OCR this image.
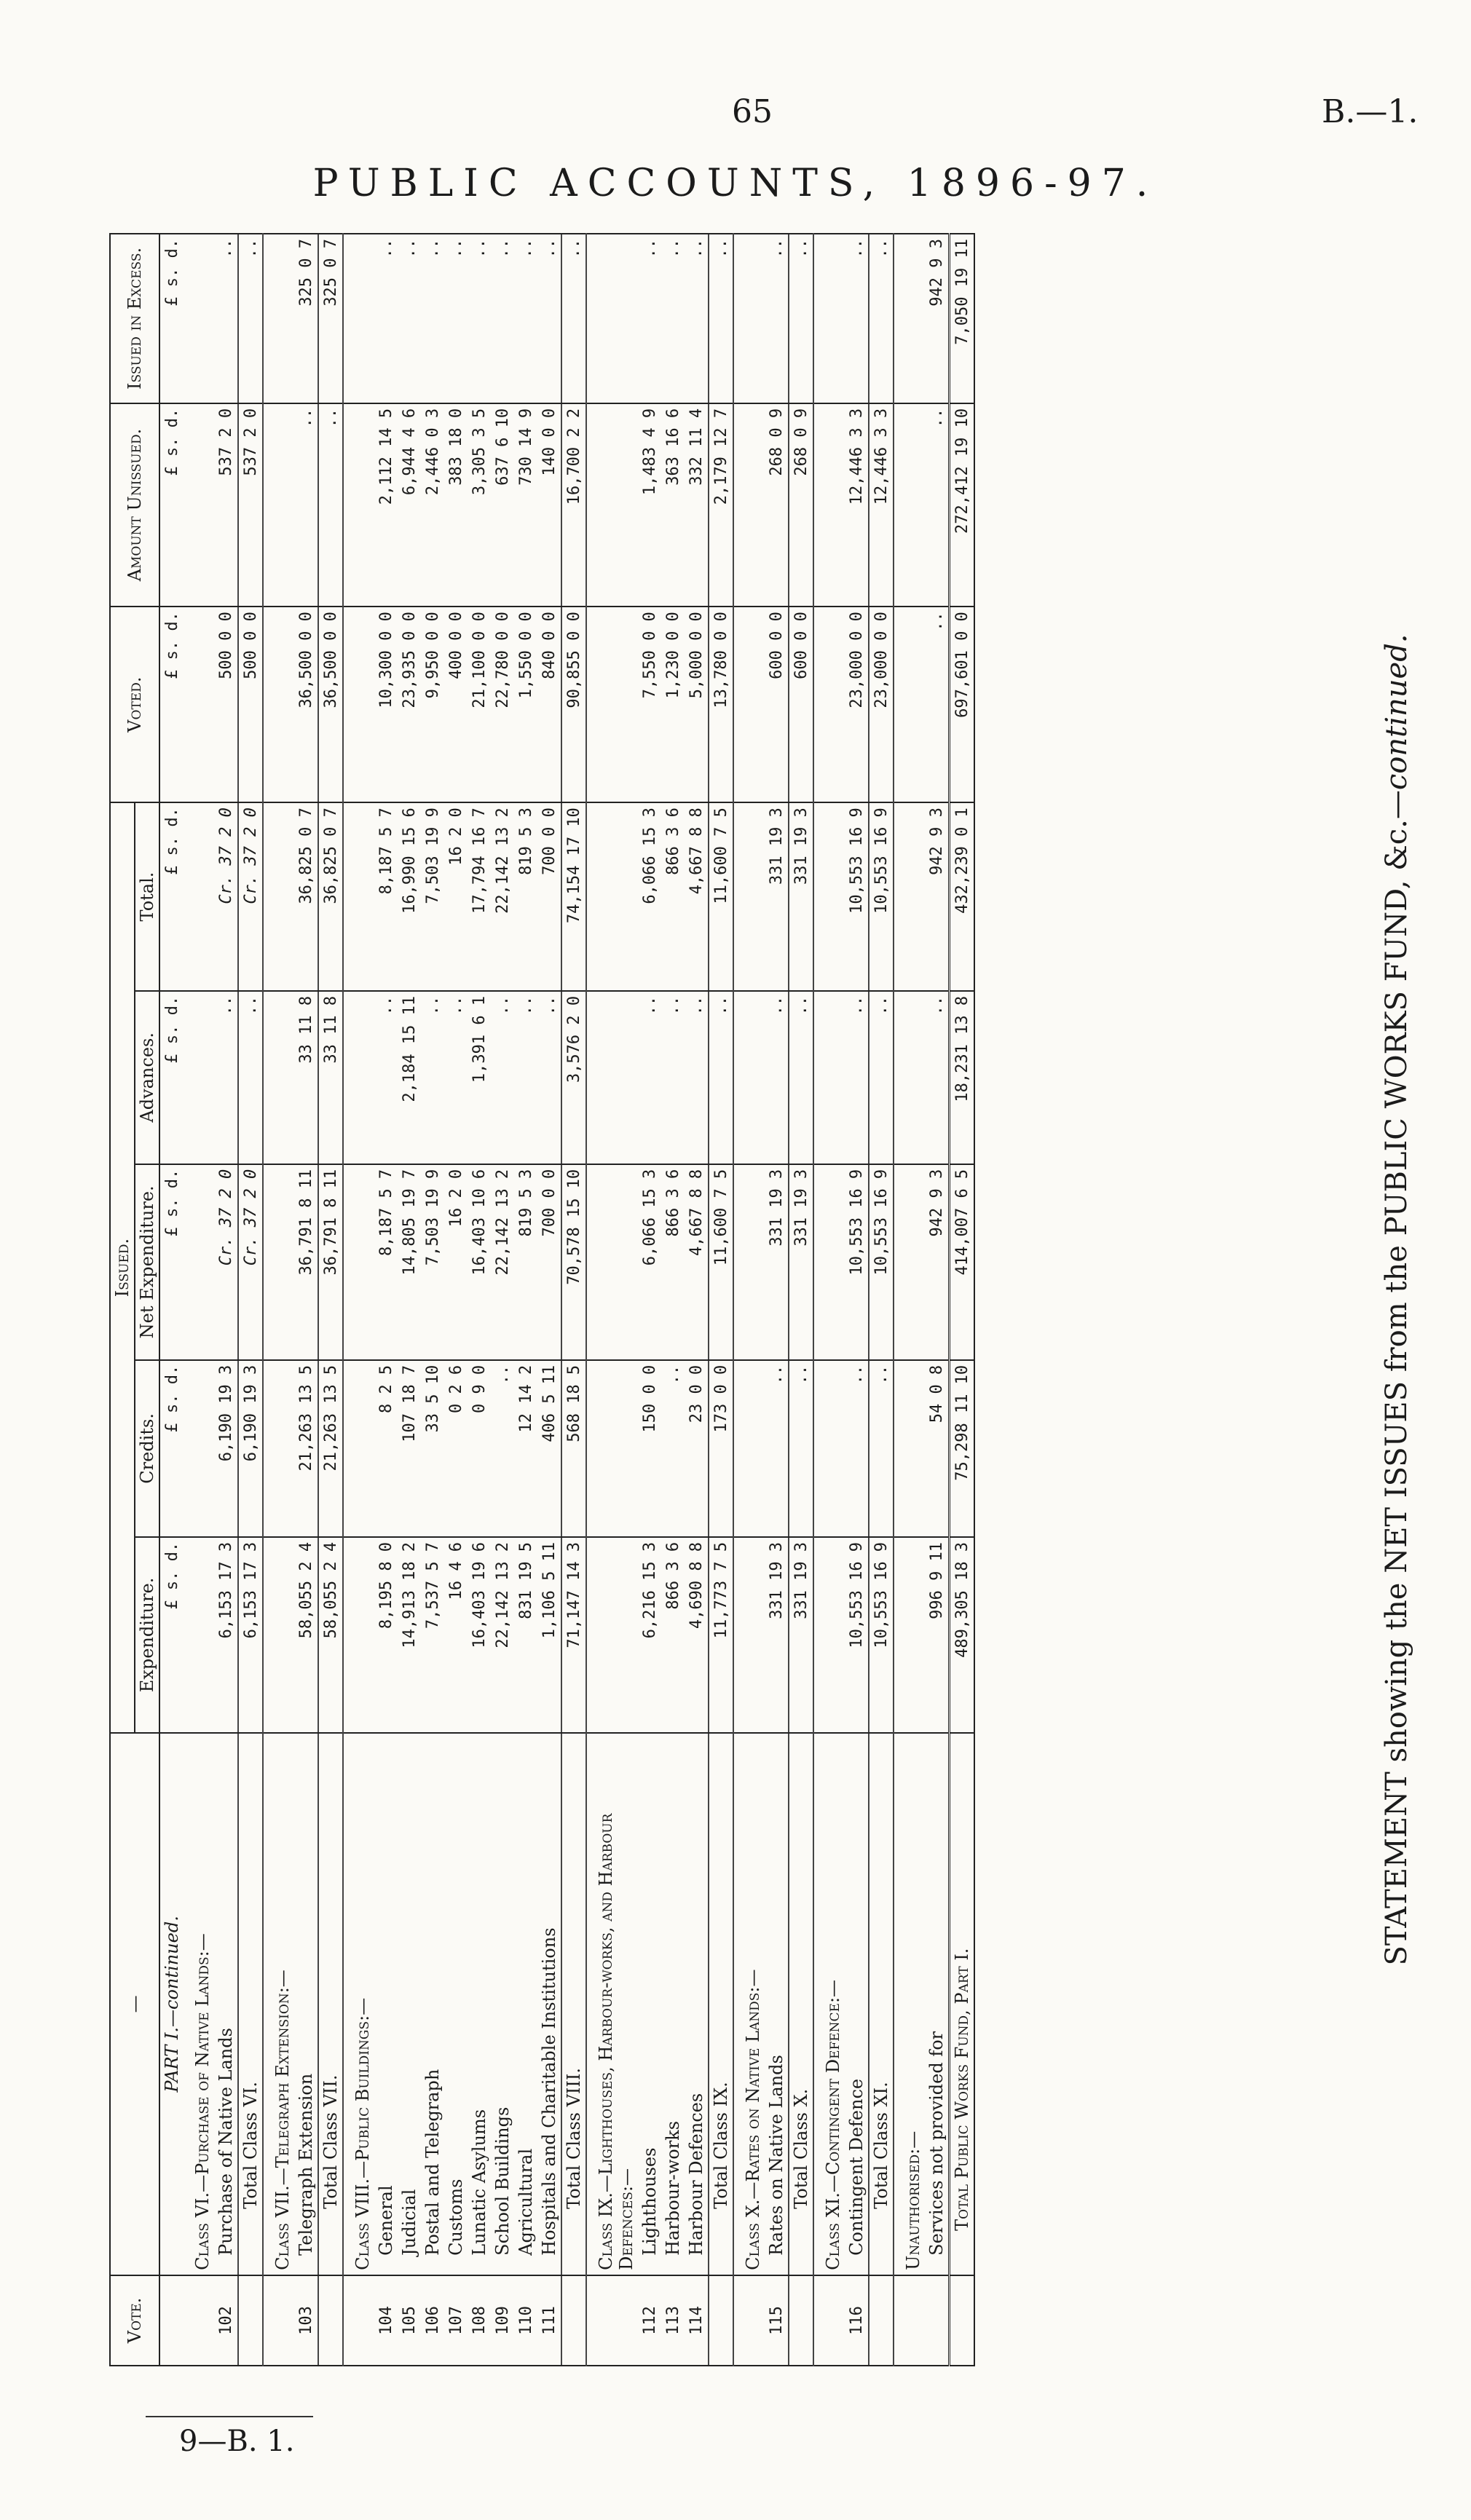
65	B.—1.
PUBLIC ACCOUNTS, 1896-97.
Vote.	—	Issued.					Voted.	Amount Unissued.	Issued in Excess.
		Expenditure.	Credits.	Net Expenditure.	Advances.	Total.			
	PART I.—continued.	£ s. d.	£ s. d.	£ s. d.	£ s. d.	£ s. d.	£ s. d.	£ s. d.	£ s. d.
	Class VI.—Purchase of Native Lands:—								
102	Purchase of Native Lands	6,153 17 3	6,190 19 3	Cr. 37 2 0	..	Cr. 37 2 0	500 0 0	537 2 0	..
	Total Class VI.	6,153 17 3	6,190 19 3	Cr. 37 2 0	..	Cr. 37 2 0	500 0 0	537 2 0	..
	Class VII.—Telegraph Extension:—								
103	Telegraph Extension	58,055 2 4	21,263 13 5	36,791 8 11	33 11 8	36,825 0 7	36,500 0 0	..	325 0 7
	Total Class VII.	58,055 2 4	21,263 13 5	36,791 8 11	33 11 8	36,825 0 7	36,500 0 0	..	325 0 7
	Class VIII.—Public Buildings:—								
104	General	8,195 8 0	8 2 5	8,187 5 7	..	8,187 5 7	10,300 0 0	2,112 14 5	..
105	Judicial	14,913 18 2	107 18 7	14,805 19 7	2,184 15 11	16,990 15 6	23,935 0 0	6,944 4 6	..
106	Postal and Telegraph	7,537 5 7	33 5 10	7,503 19 9	..	7,503 19 9	9,950 0 0	2,446 0 3	..
107	Customs	16 4 6	0 2 6	16 2 0	..	16 2 0	400 0 0	383 18 0	..
108	Lunatic Asylums	16,403 19 6	0 9 0	16,403 10 6	1,391 6 1	17,794 16 7	21,100 0 0	3,305 3 5	..
109	School Buildings	22,142 13 2	..	22,142 13 2	..	22,142 13 2	22,780 0 0	637 6 10	..
110	Agricultural	831 19 5	12 14 2	819 5 3	..	819 5 3	1,550 0 0	730 14 9	..
111	Hospitals and Charitable Institutions	1,106 5 11	406 5 11	700 0 0	..	700 0 0	840 0 0	140 0 0	..
	Total Class VIII.	71,147 14 3	568 18 5	70,578 15 10	3,576 2 0	74,154 17 10	90,855 0 0	16,700 2 2	..
	Class IX.—Lighthouses, Harbour-works, and Harbour Defences:—								
112	Lighthouses	6,216 15 3	150 0 0	6,066 15 3	..	6,066 15 3	7,550 0 0	1,483 4 9	..
113	Harbour-works	866 3 6	..	866 3 6	..	866 3 6	1,230 0 0	363 16 6	..
114	Harbour Defences	4,690 8 8	23 0 0	4,667 8 8	..	4,667 8 8	5,000 0 0	332 11 4	..
	Total Class IX.	11,773 7 5	173 0 0	11,600 7 5	..	11,600 7 5	13,780 0 0	2,179 12 7	..
	Class X.—Rates on Native Lands:—								
115	Rates on Native Lands	331 19 3	..	331 19 3	..	331 19 3	600 0 0	268 0 9	..
	Total Class X.	331 19 3	..	331 19 3	..	331 19 3	600 0 0	268 0 9	..
	Class XI.—Contingent Defence:—								
116	Contingent Defence	10,553 16 9	..	10,553 16 9	..	10,553 16 9	23,000 0 0	12,446 3 3	..
	Total Class XI.	10,553 16 9	..	10,553 16 9	..	10,553 16 9	23,000 0 0	12,446 3 3	..
	Unauthorised:—								
	Services not provided for	996 9 11	54 0 8	942 9 3	..	942 9 3	..	..	942 9 3
	Total Public Works Fund, Part I.	489,305 18 3	75,298 11 10	414,007 6 5	18,231 13 8	432,239 0 1	697,601 0 0	272,412 19 10	7,050 19 11
STATEMENT showing the NET ISSUES from the PUBLIC WORKS FUND, &c.—continued.
9—B. 1.
